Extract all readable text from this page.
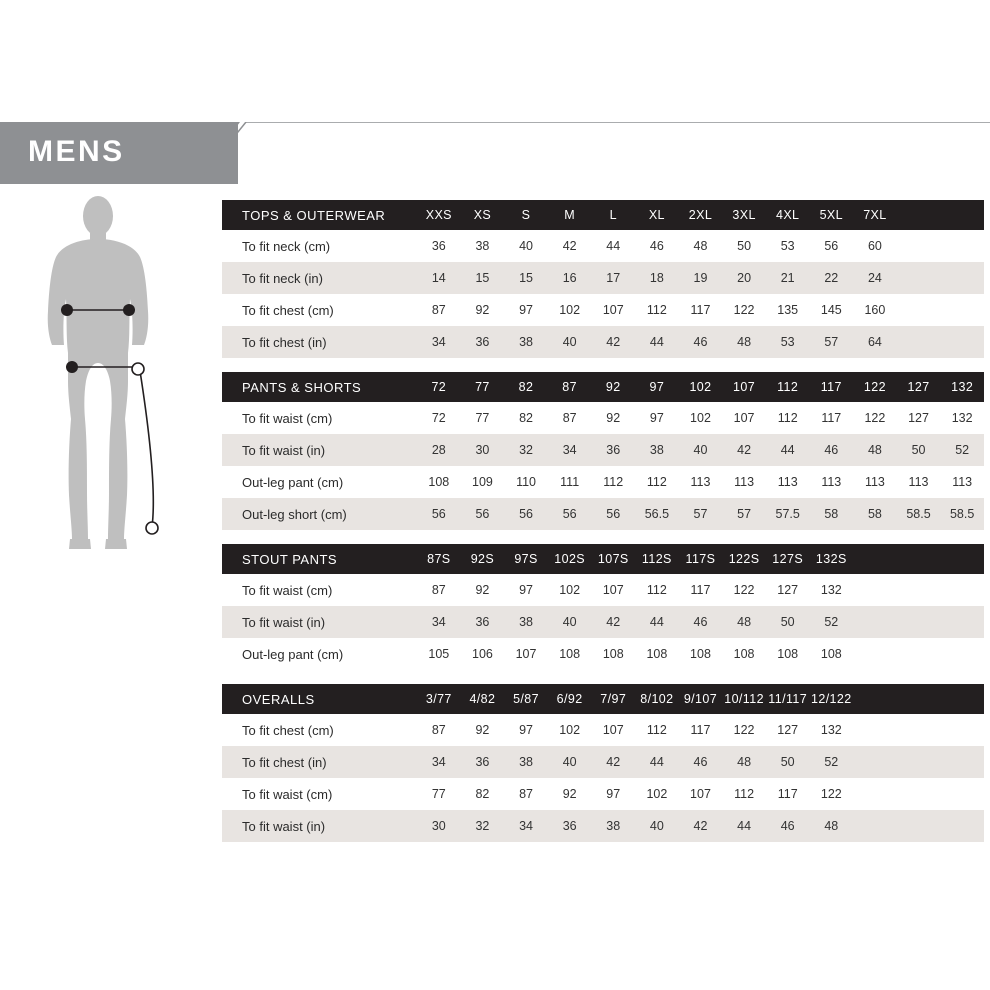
MENS
TOPS & OUTERWEAR	XXS	XS	S	M	L	XL	2XL	3XL	4XL	5XL	7XL		
To fit neck (cm)	36	38	40	42	44	46	48	50	53	56	60		
To fit neck (in)	14	15	15	16	17	18	19	20	21	22	24		
To fit chest (cm)	87	92	97	102	107	112	117	122	135	145	160		
To fit chest (in)	34	36	38	40	42	44	46	48	53	57	64		
PANTS & SHORTS	72	77	82	87	92	97	102	107	112	117	122	127	132
To fit waist (cm)	72	77	82	87	92	97	102	107	112	117	122	127	132
To fit waist (in)	28	30	32	34	36	38	40	42	44	46	48	50	52
Out-leg pant (cm)	108	109	110	111	112	112	113	113	113	113	113	113	113
Out-leg short (cm)	56	56	56	56	56	56.5	57	57	57.5	58	58	58.5	58.5
STOUT PANTS	87S	92S	97S	102S	107S	112S	117S	122S	127S	132S			
To fit waist (cm)	87	92	97	102	107	112	117	122	127	132			
To fit waist (in)	34	36	38	40	42	44	46	48	50	52			
Out-leg pant (cm)	105	106	107	108	108	108	108	108	108	108			
OVERALLS	3/77	4/82	5/87	6/92	7/97	8/102	9/107	10/112	11/117	12/122			
To fit chest (cm)	87	92	97	102	107	112	117	122	127	132			
To fit chest (in)	34	36	38	40	42	44	46	48	50	52			
To fit waist (cm)	77	82	87	92	97	102	107	112	117	122			
To fit waist (in)	30	32	34	36	38	40	42	44	46	48			
